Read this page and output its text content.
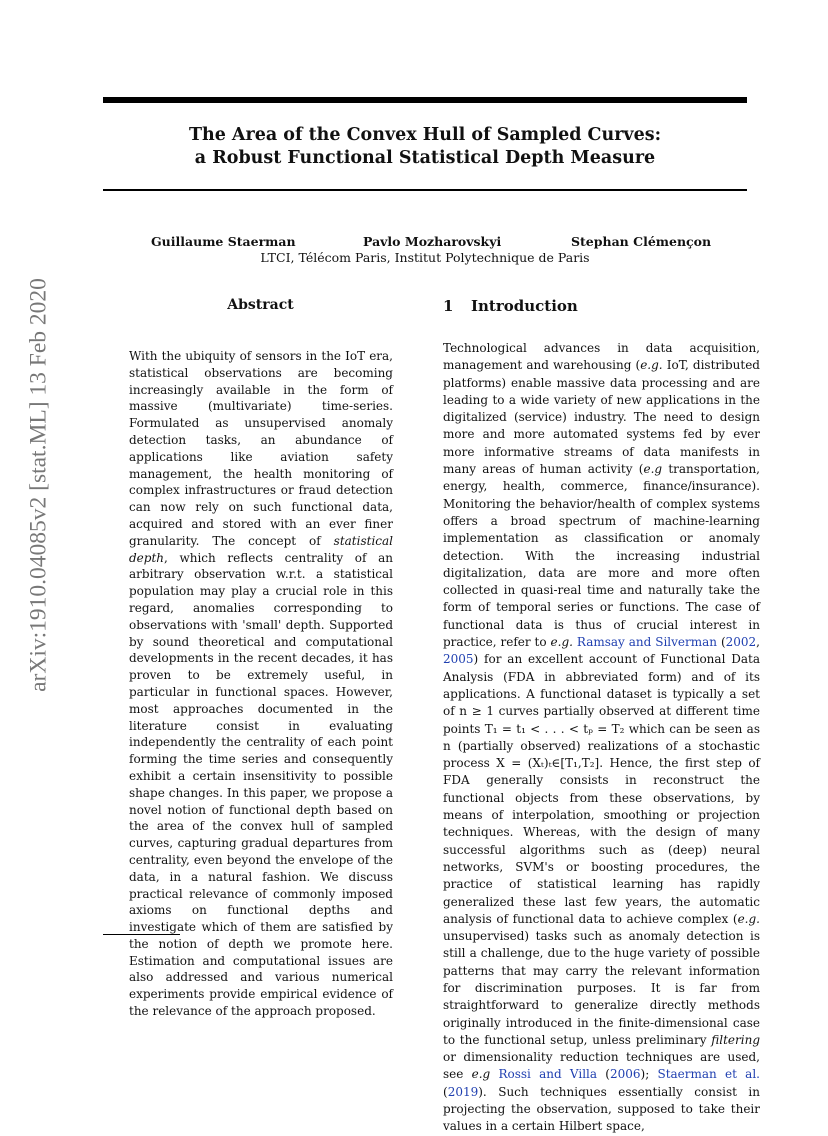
The Area of the Convex Hull of Sampled Curves:
a Robust Functional Statistical Depth Measure
Guillaume Staerman	Pavlo Mozharovskyi	Stephan Clémençon
LTCI, Télécom Paris, Institut Polytechnique de Paris
arXiv:1910.04085v2 [stat.ML] 13 Feb 2020	Abstract
With the ubiquity of sensors in the IoT era, statistical observations are becoming increasingly available in the form of massive (multivariate) time-series. Formulated as unsupervised anomaly detection tasks, an abundance of applications like aviation safety management, the health monitoring of complex infrastructures or fraud detection can now rely on such functional data, acquired and stored with an ever finer granularity. The concept of statistical depth, which reflects centrality of an arbitrary observation w.r.t. a statistical population may play a crucial role in this regard, anomalies corresponding to observations with 'small' depth. Supported by sound theoretical and computational developments in the recent decades, it has proven to be extremely useful, in particular in functional spaces. However, most approaches documented in the literature consist in evaluating independently the centrality of each point forming the time series and consequently exhibit a certain insensitivity to possible shape changes. In this paper, we propose a novel notion of functional depth based on the area of the convex hull of sampled curves, capturing gradual departures from centrality, even beyond the envelope of the data, in a natural fashion. We discuss practical relevance of commonly imposed axioms on functional depths and investigate which of them are satisfied by the notion of depth we promote here. Estimation and computational issues are also addressed and various numerical experiments provide empirical evidence of the relevance of the approach proposed.
1 Introduction
Technological advances in data acquisition, management and warehousing (e.g. IoT, distributed platforms) enable massive data processing and are leading to a wide variety of new applications in the digitalized (service) industry. The need to design more and more automated systems fed by ever more informative streams of data manifests in many areas of human activity (e.g transportation, energy, health, commerce, finance/insurance). Monitoring the behavior/health of complex systems offers a broad spectrum of machine-learning implementation as classification or anomaly detection. With the increasing industrial digitalization, data are more and more often collected in quasi-real time and naturally take the form of temporal series or functions. The case of functional data is thus of crucial interest in practice, refer to e.g. Ramsay and Silverman (2002, 2005) for an excellent account of Functional Data Analysis (FDA in abbreviated form) and of its applications. A functional dataset is typically a set of n ≥ 1 curves partially observed at different time points T₁ = t₁ < . . . < tₚ = T₂ which can be seen as n (partially observed) realizations of a stochastic process X = (Xₜ)ₜ∈[T₁,T₂]. Hence, the first step of FDA generally consists in reconstruct the functional objects from these observations, by means of interpolation, smoothing or projection techniques. Whereas, with the design of many successful algorithms such as (deep) neural networks, SVM's or boosting procedures, the practice of statistical learning has rapidly generalized these last few years, the automatic analysis of functional data to achieve complex (e.g. unsupervised) tasks such as anomaly detection is still a challenge, due to the huge variety of possible patterns that may carry the relevant information for discrimination purposes. It is far from straightforward to generalize directly methods originally introduced in the finite-dimensional case to the functional setup, unless preliminary filtering or dimensionality reduction techniques are used, see e.g Rossi and Villa (2006); Staerman et al. (2019). Such techniques essentially consist in projecting the observation, supposed to take their values in a certain Hilbert space,
